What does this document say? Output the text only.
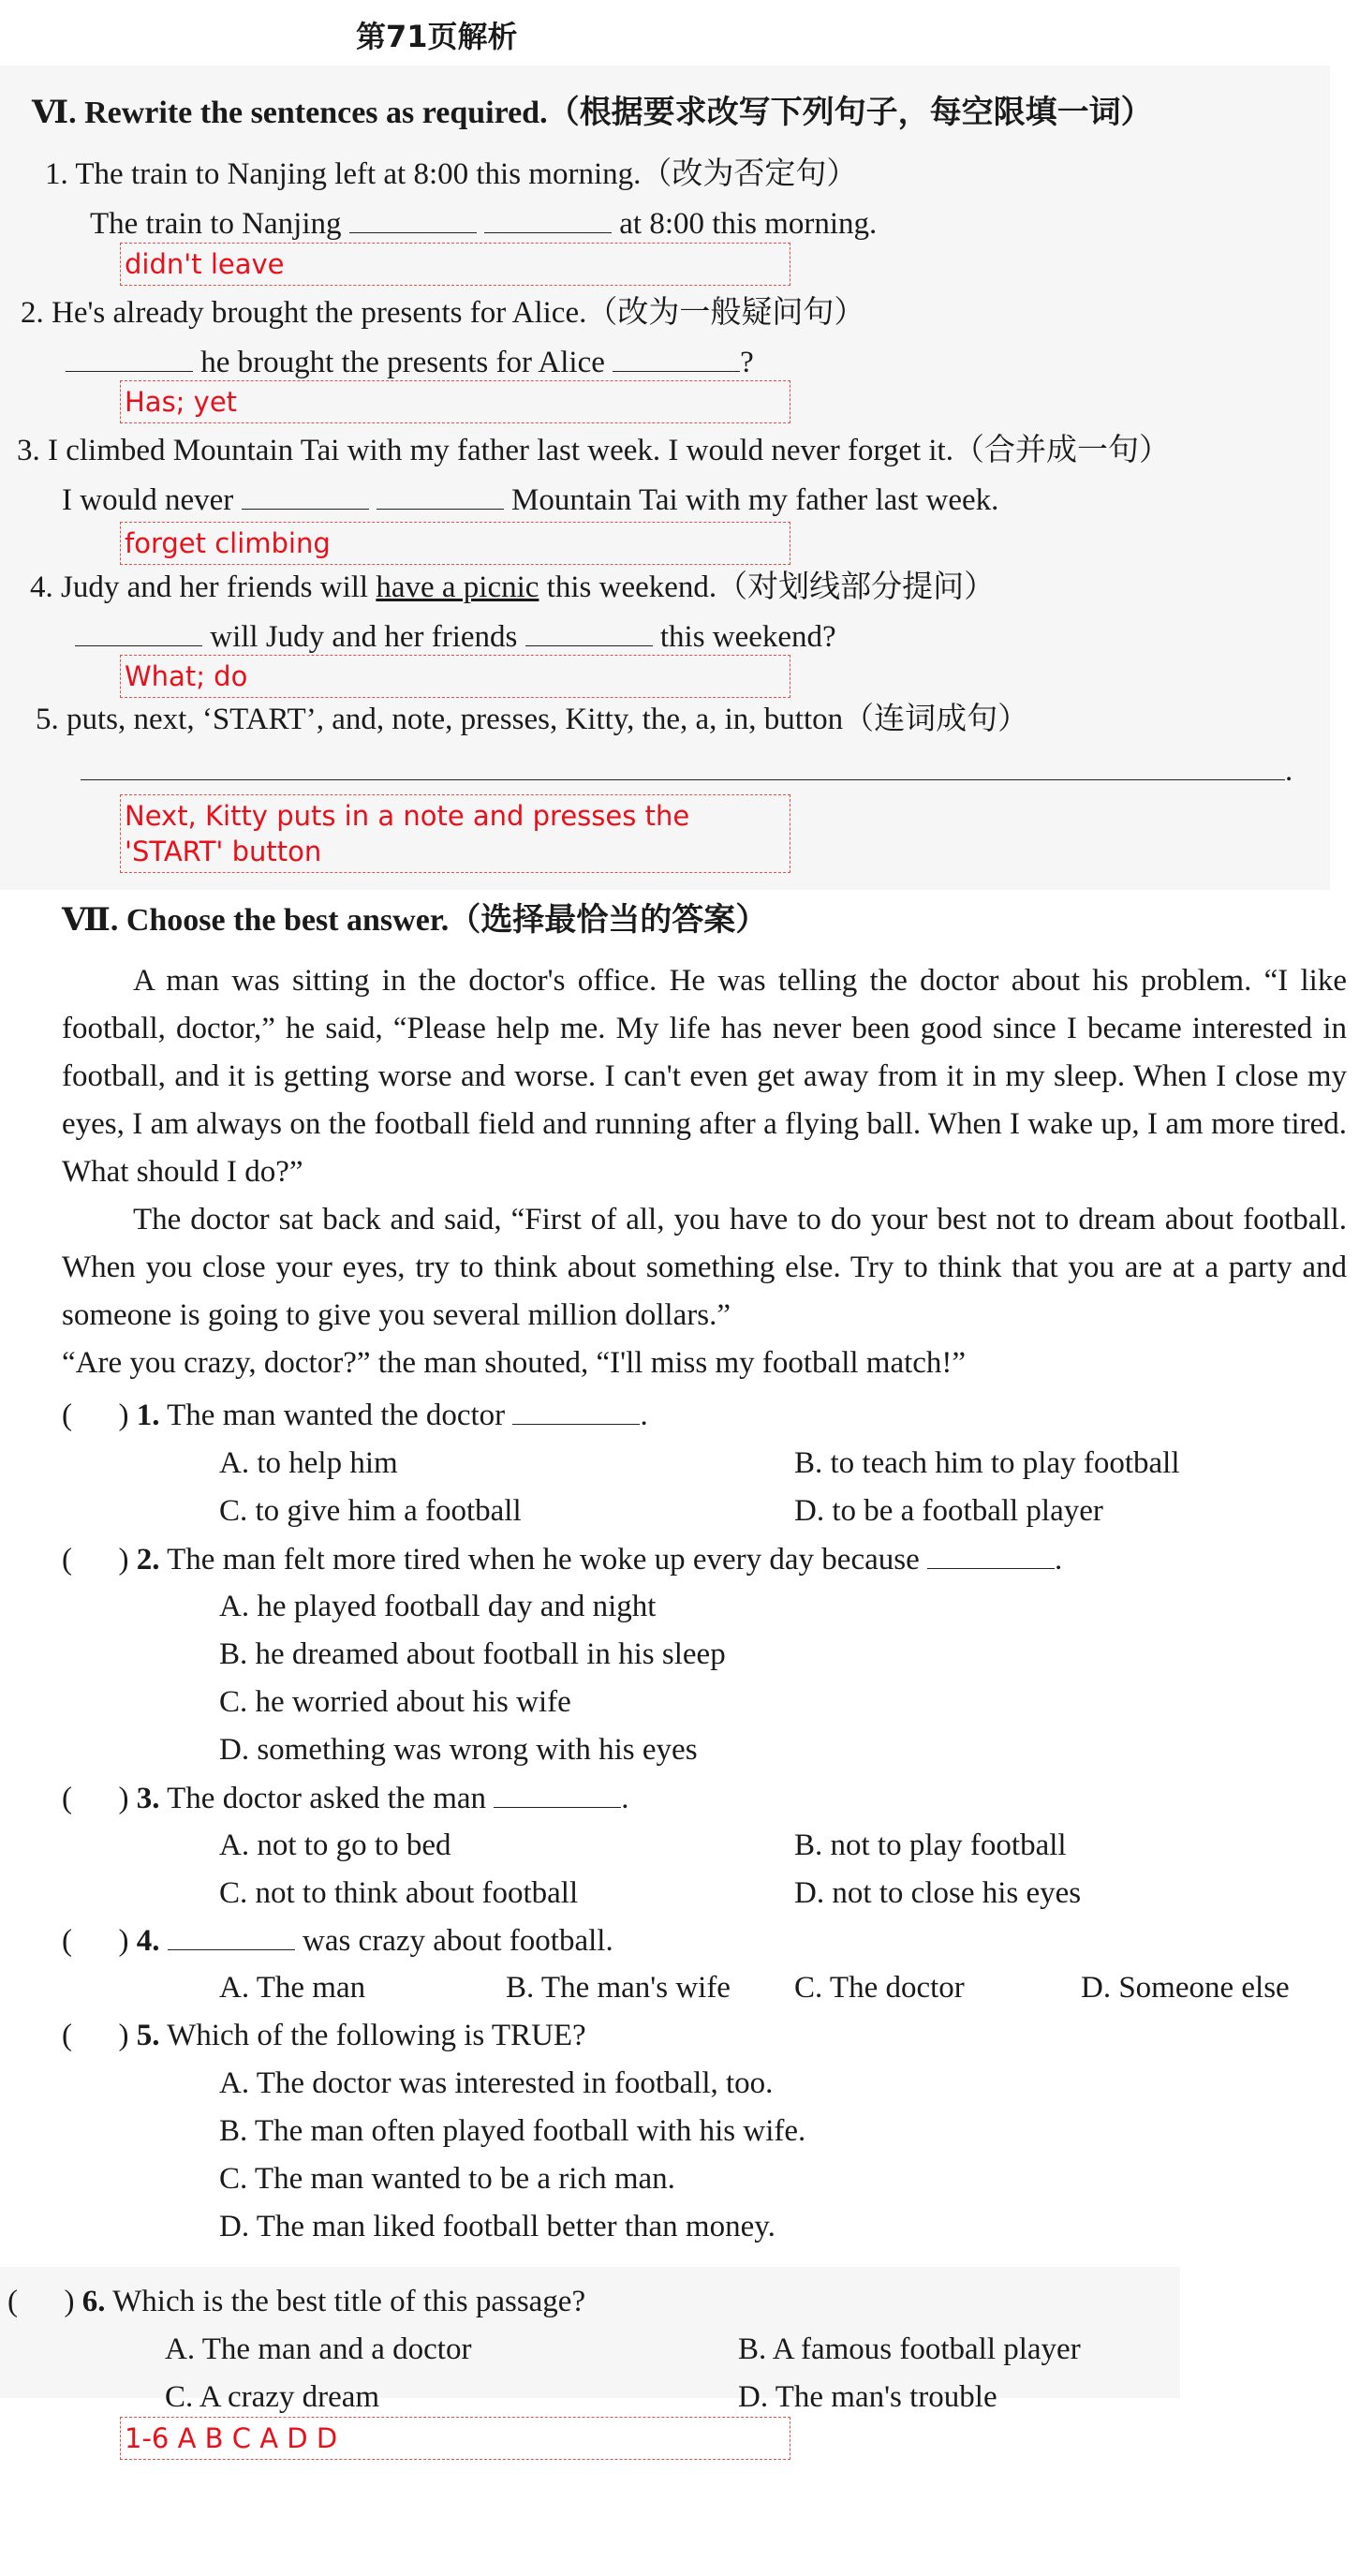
第71页解析
Ⅵ. Rewrite the sentences as required.（根据要求改写下列句子，每空限填一词）
1. The train to Nanjing left at 8:00 this morning.（改为否定句）
The train to Nanjing	at 8:00 this morning.
didn't leave
2. He's already brought the presents for Alice.（改为一般疑问句）
he brought the presents for Alice	?
Has; yet
3. I climbed Mountain Tai with my father last week. I would never forget it.（合并成一句）
I would never	Mountain Tai with my father last week.
forget climbing
4. Judy and her friends will have a picnic this weekend.（对划线部分提问）
will Judy and her friends	this weekend?
What; do
5. puts, next, ‘START’, and, note, presses, Kitty, the, a, in, button（连词成句）
.
Next, Kitty puts in a note and presses the 'START' button
Ⅶ. Choose the best answer.（选择最恰当的答案）

A man was sitting in the doctor's office. He was telling the doctor about his problem. “I like football, doctor,” he said, “Please help me. My life has never been good since I became interested in football, and it is getting worse and worse. I can't even get away from it in my sleep. When I close my eyes, I am always on the football field and running after a flying ball. When I wake up, I am more tired. What should I do?”

The doctor sat back and said, “First of all, you have to do your best not to dream about football. When you close your eyes, try to think about something else. Try to think that you are at a party and someone is going to give you several million dollars.”

“Are you crazy, doctor?” the man shouted, “I'll miss my football match!”

(      ) 1. The man wanted the doctor	.
A. to help him	B. to teach him to play football
C. to give him a football	D. to be a football player
(      ) 2. The man felt more tired when he woke up every day because	.
A. he played football day and night
B. he dreamed about football in his sleep
C. he worried about his wife
D. something was wrong with his eyes
(      ) 3. The doctor asked the man	.
A. not to go to bed	B. not to play football
C. not to think about football	D. not to close his eyes
(      ) 4.	was crazy about football.
A. The man	B. The man's wife C. The doctor	D. Someone else
(      ) 5. Which of the following is TRUE?
A. The doctor was interested in football, too.
B. The man often played football with his wife.
C. The man wanted to be a rich man.
D. The man liked football better than money.
(      ) 6. Which is the best title of this passage?
A. The man and a doctor	B. A famous football player
C. A crazy dream	D. The man's trouble
1-6 A B C A D D
